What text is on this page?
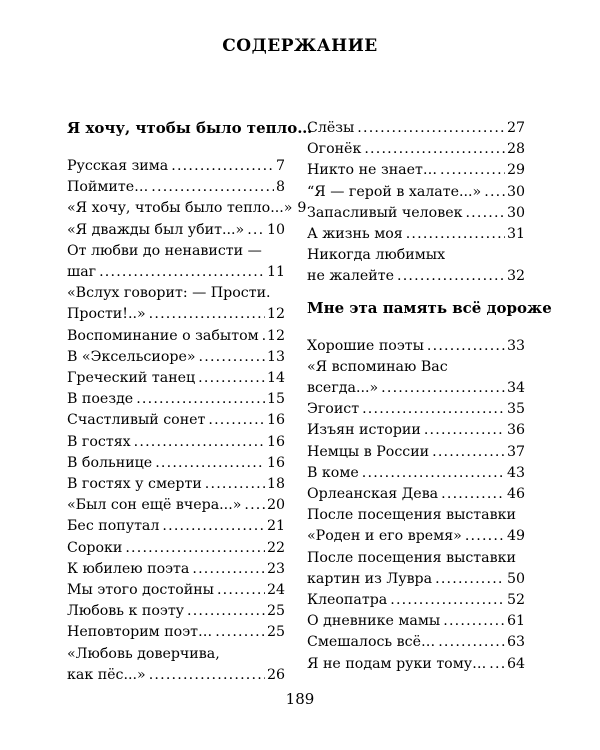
СОДЕРЖАНИЕ
Я хочу, чтобы было тепло…
Русская зима .....	7
Поймите… .....	8
«Я хочу, чтобы было тепло...» 9
«Я дважды был убит...» ..... 10
От любви до ненависти —
шаг .....	11
«Вслух говорит: — Прости.
Прости!..» .....	12
Воспоминание о забытом ..... 12
В «Эксельсиоре» .....	13
Греческий танец .....	14
В поезде .....	15
Счастливый сонет .....	16
В гостях .....	16
В больнице .....	16
В гостях у смерти .....	18
«Был сон ещё вчера...» ..... 20
Бес попутал .....	21
Сороки .....	22
К юбилею поэта .....	23
Мы этого достойны .....	24
Любовь к поэту .....	25
Неповторим поэт… .....	25
«Любовь доверчива,
как пёс...» .....	26
Слёзы .....	27
Огонёк .....	28
Никто не знает… .....	29
“Я — герой в халате...» ..... 30
Запасливый человек .....	30
А жизнь моя .....	31
Никогда любимых
не жалейте .....	32
Мне эта память всё дороже
Хорошие поэты .....	33
«Я вспоминаю Вас
всегда...» .....	34
Эгоист .....	35
Изъян истории .....	36
Немцы в России .....	37
В коме .....	43
Орлеанская Дева .....	46
После посещения выставки
«Роден и его время» .....	49
После посещения выставки
картин из Лувра .....	50
Клеопатра .....	52
О дневнике мамы .....	61
Смешалось всё… .....	63
Я не подам руки тому… ..... 64
189
